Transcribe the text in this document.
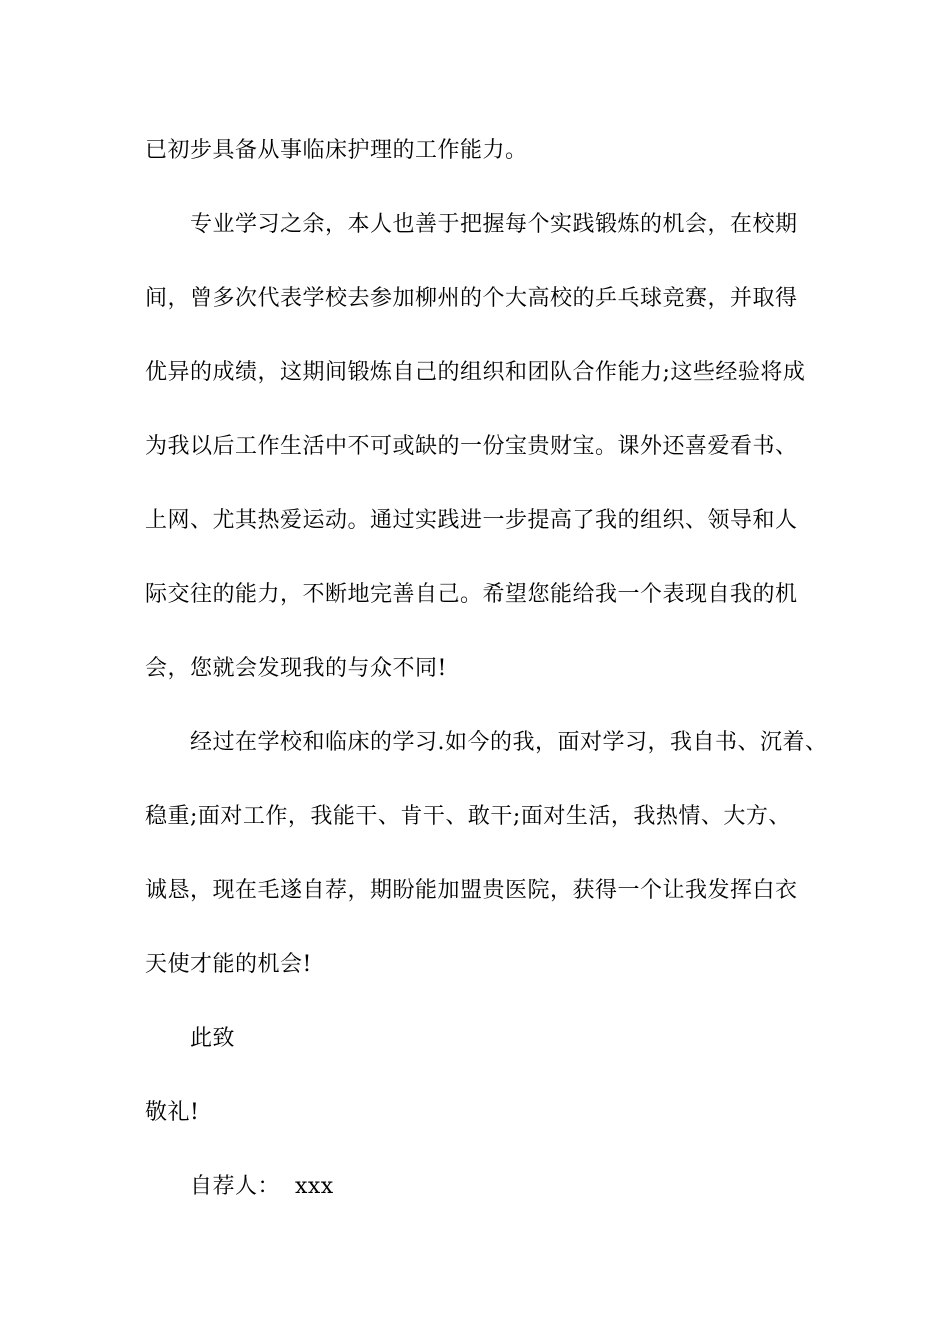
已初步具备从事临床护理的工作能力。
专业学习之余，本人也善于把握每个实践锻炼的机会，在校期
间，曾多次代表学校去参加柳州的个大高校的乒乓球竞赛，并取得
优异的成绩，这期间锻炼自己的组织和团队合作能力;这些经验将成
为我以后工作生活中不可或缺的一份宝贵财宝。课外还喜爱看书、
上网、尤其热爱运动。通过实践进一步提高了我的组织、领导和人
际交往的能力，不断地完善自己。希望您能给我一个表现自我的机
会，您就会发现我的与众不同!
经过在学校和临床的学习.如今的我，面对学习，我自书、沉着、
稳重;面对工作，我能干、肯干、敢干;面对生活，我热情、大方、
诚恳，现在毛遂自荐，期盼能加盟贵医院，获得一个让我发挥白衣
天使才能的机会!
此致
敬礼!
自荐人：  xxx
